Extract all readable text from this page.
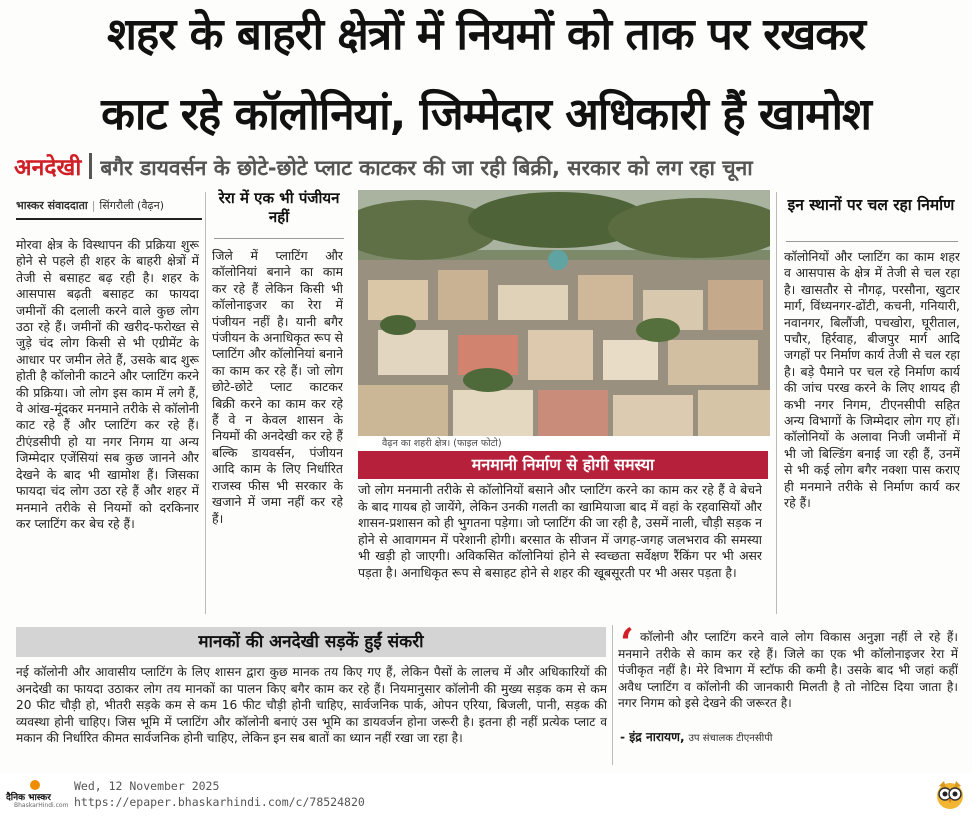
शहर के बाहरी क्षेत्रों में नियमों को ताक पर रखकर
काट रहे कॉलोनियां, जिम्मेदार अधिकारी हैं खामोश
अनदेखी बगैर डायवर्सन के छोटे-छोटे प्लाट काटकर की जा रही बिक्री, सरकार को लग रहा चूना
भास्कर संवाददाता | सिंगरौली (वैढ़न)
मोरवा क्षेत्र के विस्थापन की प्रक्रिया शुरू होने से पहले ही शहर के बाहरी क्षेत्रों में तेजी से बसाहट बढ़ रही है। शहर के आसपास बढ़ती बसाहट का फायदा जमीनों की दलाली करने वाले कुछ लोग उठा रहे हैं। जमीनों की खरीद-फरोख्त से जुड़े चंद लोग किसी से भी एग्रीमेंट के आधार पर जमीन लेते हैं, उसके बाद शुरू होती है कॉलोनी काटने और प्लाटिंग करने की प्रक्रिया। जो लोग इस काम में लगे हैं, वे आंख-मूंदकर मनमाने तरीके से कॉलोनी काट रहे हैं और प्लाटिंग कर रहे हैं। टीएंडसीपी हो या नगर निगम या अन्य जिम्मेदार एजेंसियां सब कुछ जानने और देखने के बाद भी खामोश हैं। जिसका फायदा चंद लोग उठा रहे हैं और शहर में मनमाने तरीके से नियमों को दरकिनार कर प्लाटिंग कर बेच रहे हैं।
रेरा में एक भी पंजीयन नहीं
जिले में प्लाटिंग और कॉलोनियां बनाने का काम कर रहे हैं लेकिन किसी भी कॉलोनाइजर का रेरा में पंजीयन नहीं है। यानी बगैर पंजीयन के अनाधिकृत रूप से प्लाटिंग और कॉलोनियां बनाने का काम कर रहे हैं। जो लोग छोटे-छोटे प्लाट काटकर बिक्री करने का काम कर रहे हैं वे न केवल शासन के नियमों की अनदेखी कर रहे हैं बल्कि डायवर्सन, पंजीयन आदि काम के लिए निर्धारित राजस्व फीस भी सरकार के खजाने में जमा नहीं कर रहे हैं।
वैढ़न का शहरी क्षेत्र। (फाइल फोटो)
मनमानी निर्माण से होगी समस्या
जो लोग मनमानी तरीके से कॉलोनियों बसाने और प्लाटिंग करने का काम कर रहे हैं वे बेचने के बाद गायब हो जायेंगे, लेकिन उनकी गलती का खामियाजा बाद में वहां के रहवासियों और शासन-प्रशासन को ही भुगतना पड़ेगा। जो प्लाटिंग की जा रही है, उसमें नाली, चौड़ी सड़क न होने से आवागमन में परेशानी होगी। बरसात के सीजन में जगह-जगह जलभराव की समस्या भी खड़ी हो जाएगी। अविकसित कॉलोनियां होने से स्वच्छता सर्वेक्षण रैंकिंग पर भी असर पड़ता है। अनाधिकृत रूप से बसाहट होने से शहर की खूबसूरती पर भी असर पड़ता है।
इन स्थानों पर चल रहा निर्माण
कॉलोनियों और प्लाटिंग का काम शहर व आसपास के क्षेत्र में तेजी से चल रहा है। खासतौर से नौगढ़, परसौना, खुटार मार्ग, विंध्यनगर-ढोंटी, कचनी, गनियारी, नवानगर, बिलौंजी, पचखोरा, घूरीताल, पचौर, हिर्रवाह, बीजपुर मार्ग आदि जगहों पर निर्माण कार्य तेजी से चल रहा है। बड़े पैमाने पर चल रहे निर्माण कार्य की जांच परख करने के लिए शायद ही कभी नगर निगम, टीएनसीपी सहित अन्य विभागों के जिम्मेदार लोग गए हों। कॉलोनियों के अलावा निजी जमीनों में भी जो बिल्डिंग बनाई जा रही हैं, उनमें से भी कई लोग बगैर नक्शा पास कराए ही मनमाने तरीके से निर्माण कार्य कर रहे हैं।
मानकों की अनदेखी सड़कें हुईं संकरी
नई कॉलोनी और आवासीय प्लाटिंग के लिए शासन द्वारा कुछ मानक तय किए गए हैं, लेकिन पैसों के लालच में और अधिकारियों की अनदेखी का फायदा उठाकर लोग तय मानकों का पालन किए बगैर काम कर रहे हैं। नियमानुसार कॉलोनी की मुख्य सड़क कम से कम 20 फीट चौड़ी हो, भीतरी सड़के कम से कम 16 फीट चौड़ी होनी चाहिए, सार्वजनिक पार्क, ओपन एरिया, बिजली, पानी, सड़क की व्यवस्था होनी चाहिए। जिस भूमि में प्लाटिंग और कॉलोनी बनाएं उस भूमि का डायवर्जन होना जरूरी है। इतना ही नहीं प्रत्येक प्लाट व मकान की निर्धारित कीमत सार्वजनिक होनी चाहिए, लेकिन इन सब बातों का ध्यान नहीं रखा जा रहा है।
‘ कॉलोनी और प्लाटिंग करने वाले लोग विकास अनुज्ञा नहीं ले रहे हैं। मनमाने तरीके से काम कर रहे हैं। जिले का एक भी कॉलोनाइजर रेरा में पंजीकृत नहीं है। मेरे विभाग में स्टॉफ की कमी है। उसके बाद भी जहां कहीं अवैध प्लाटिंग व कॉलोनी की जानकारी मिलती है तो नोटिस दिया जाता है। नगर निगम को इसे देखने की जरूरत है।
- इंद्र नारायण, उप संचालक टीएनसीपी
दैनिक भास्कर
BhaskarHindi.com
Wed, 12 November 2025
https://epaper.bhaskarhindi.com/c/78524820
